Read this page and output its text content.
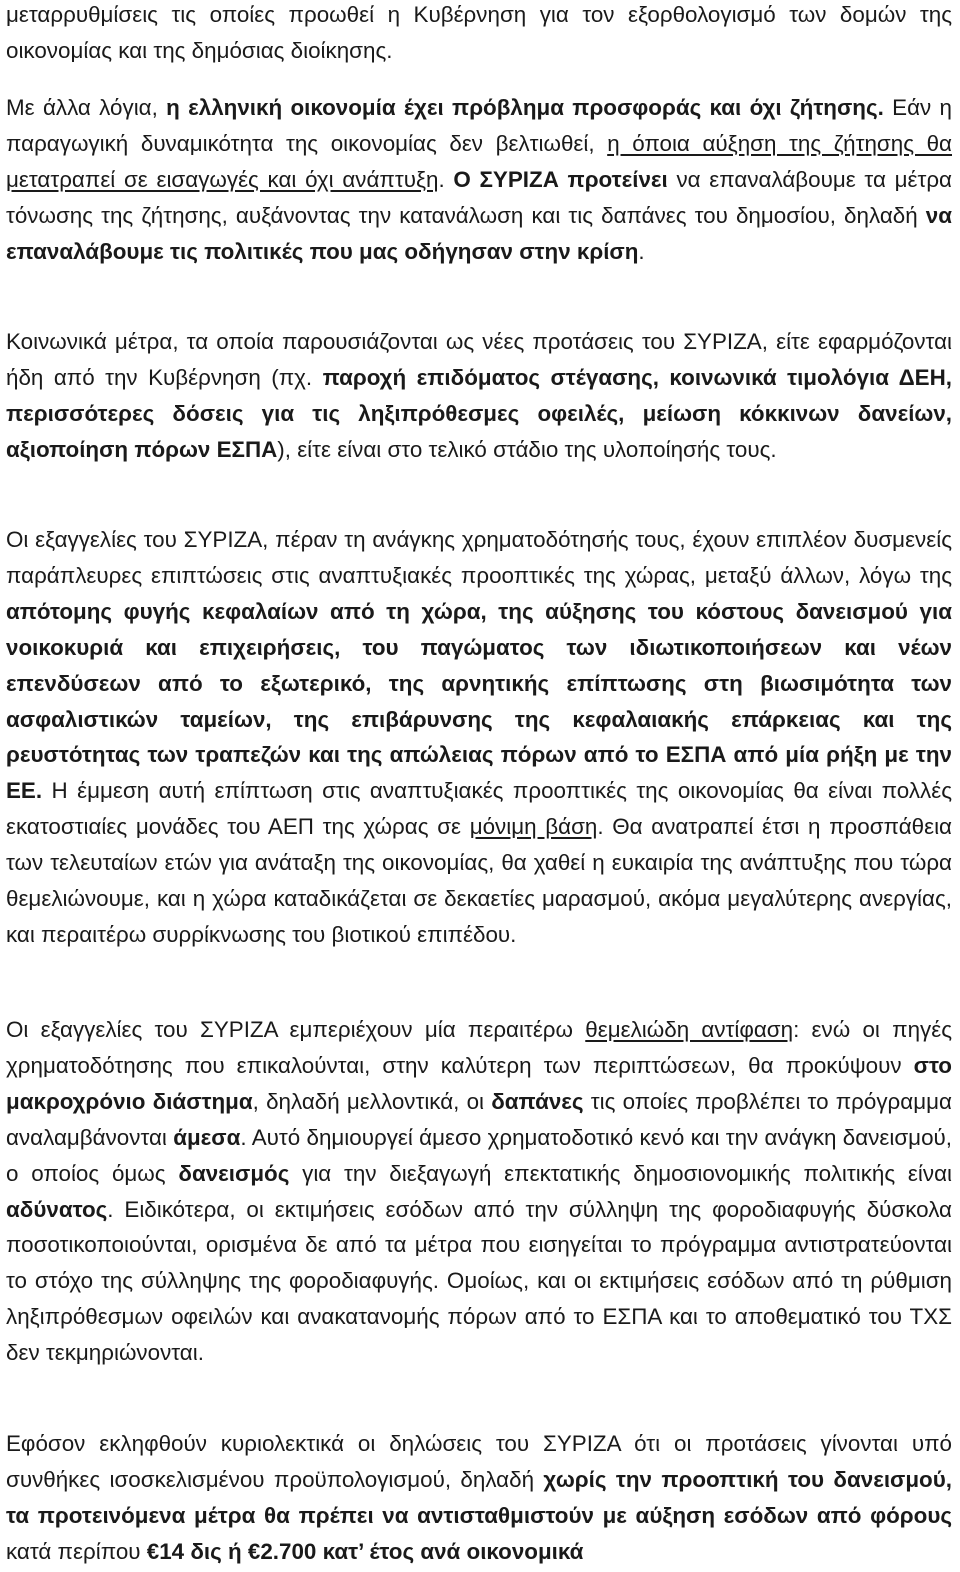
μεταρρυθμίσεις τις οποίες προωθεί η Κυβέρνηση για τον εξορθολογισμό των δομών της οικονομίας και της δημόσιας διοίκησης.

Με άλλα λόγια, η ελληνική οικονομία έχει πρόβλημα προσφοράς και όχι ζήτησης. Εάν η παραγωγική δυναμικότητα της οικονομίας δεν βελτιωθεί, η όποια αύξηση της ζήτησης θα μετατραπεί σε εισαγωγές και όχι ανάπτυξη. Ο ΣΥΡΙΖΑ προτείνει να επαναλάβουμε τα μέτρα τόνωσης της ζήτησης, αυξάνοντας την κατανάλωση και τις δαπάνες του δημοσίου, δηλαδή να επαναλάβουμε τις πολιτικές που μας οδήγησαν στην κρίση.

Κοινωνικά μέτρα, τα οποία παρουσιάζονται ως νέες προτάσεις του ΣΥΡΙΖΑ, είτε εφαρμόζονται ήδη από την Κυβέρνηση (πχ. παροχή επιδόματος στέγασης, κοινωνικά τιμολόγια ΔΕΗ, περισσότερες δόσεις για τις ληξιπρόθεσμες οφειλές, μείωση κόκκινων δανείων, αξιοποίηση πόρων ΕΣΠΑ), είτε είναι στο τελικό στάδιο της υλοποίησής τους.

Οι εξαγγελίες του ΣΥΡΙΖΑ, πέραν τη ανάγκης χρηματοδότησής τους, έχουν επιπλέον δυσμενείς παράπλευρες επιπτώσεις στις αναπτυξιακές προοπτικές της χώρας, μεταξύ άλλων, λόγω της απότομης φυγής κεφαλαίων από τη χώρα, της αύξησης του κόστους δανεισμού για νοικοκυριά και επιχειρήσεις, του παγώματος των ιδιωτικοποιήσεων και νέων επενδύσεων από το εξωτερικό, της αρνητικής επίπτωσης στη βιωσιμότητα των ασφαλιστικών ταμείων, της επιβάρυνσης της κεφαλαιακής επάρκειας και της ρευστότητας των τραπεζών και της απώλειας πόρων από το ΕΣΠΑ από μία ρήξη με την ΕΕ. Η έμμεση αυτή επίπτωση στις αναπτυξιακές προοπτικές της οικονομίας θα είναι πολλές εκατοστιαίες μονάδες του ΑΕΠ της χώρας σε μόνιμη βάση. Θα ανατραπεί έτσι η προσπάθεια των τελευταίων ετών για ανάταξη της οικονομίας, θα χαθεί η ευκαιρία της ανάπτυξης που τώρα θεμελιώνουμε, και η χώρα καταδικάζεται σε δεκαετίες μαρασμού, ακόμα μεγαλύτερης ανεργίας, και περαιτέρω συρρίκνωσης του βιοτικού επιπέδου.

Οι εξαγγελίες του ΣΥΡΙΖΑ εμπεριέχουν μία περαιτέρω θεμελιώδη αντίφαση: ενώ οι πηγές χρηματοδότησης που επικαλούνται, στην καλύτερη των περιπτώσεων, θα προκύψουν στο μακροχρόνιο διάστημα, δηλαδή μελλοντικά, οι δαπάνες τις οποίες προβλέπει το πρόγραμμα αναλαμβάνονται άμεσα. Αυτό δημιουργεί άμεσο χρηματοδοτικό κενό και την ανάγκη δανεισμού, ο οποίος όμως δανεισμός για την διεξαγωγή επεκτατικής δημοσιονομικής πολιτικής είναι αδύνατος. Ειδικότερα, οι εκτιμήσεις εσόδων από την σύλληψη της φοροδιαφυγής δύσκολα ποσοτικοποιούνται, ορισμένα δε από τα μέτρα που εισηγείται το πρόγραμμα αντιστρατεύονται το στόχο της σύλληψης της φοροδιαφυγής. Ομοίως, και οι εκτιμήσεις εσόδων από τη ρύθμιση ληξιπρόθεσμων οφειλών και ανακατανομής πόρων από το ΕΣΠΑ και το αποθεματικό του ΤΧΣ δεν τεκμηριώνονται.

Εφόσον εκληφθούν κυριολεκτικά οι δηλώσεις του ΣΥΡΙΖΑ ότι οι προτάσεις γίνονται υπό συνθήκες ισοσκελισμένου προϋπολογισμού, δηλαδή χωρίς την προοπτική του δανεισμού, τα προτεινόμενα μέτρα θα πρέπει να αντισταθμιστούν με αύξηση εσόδων από φόρους κατά περίπου €14 δις ή €2.700 κατ’ έτος ανά οικονομικά
